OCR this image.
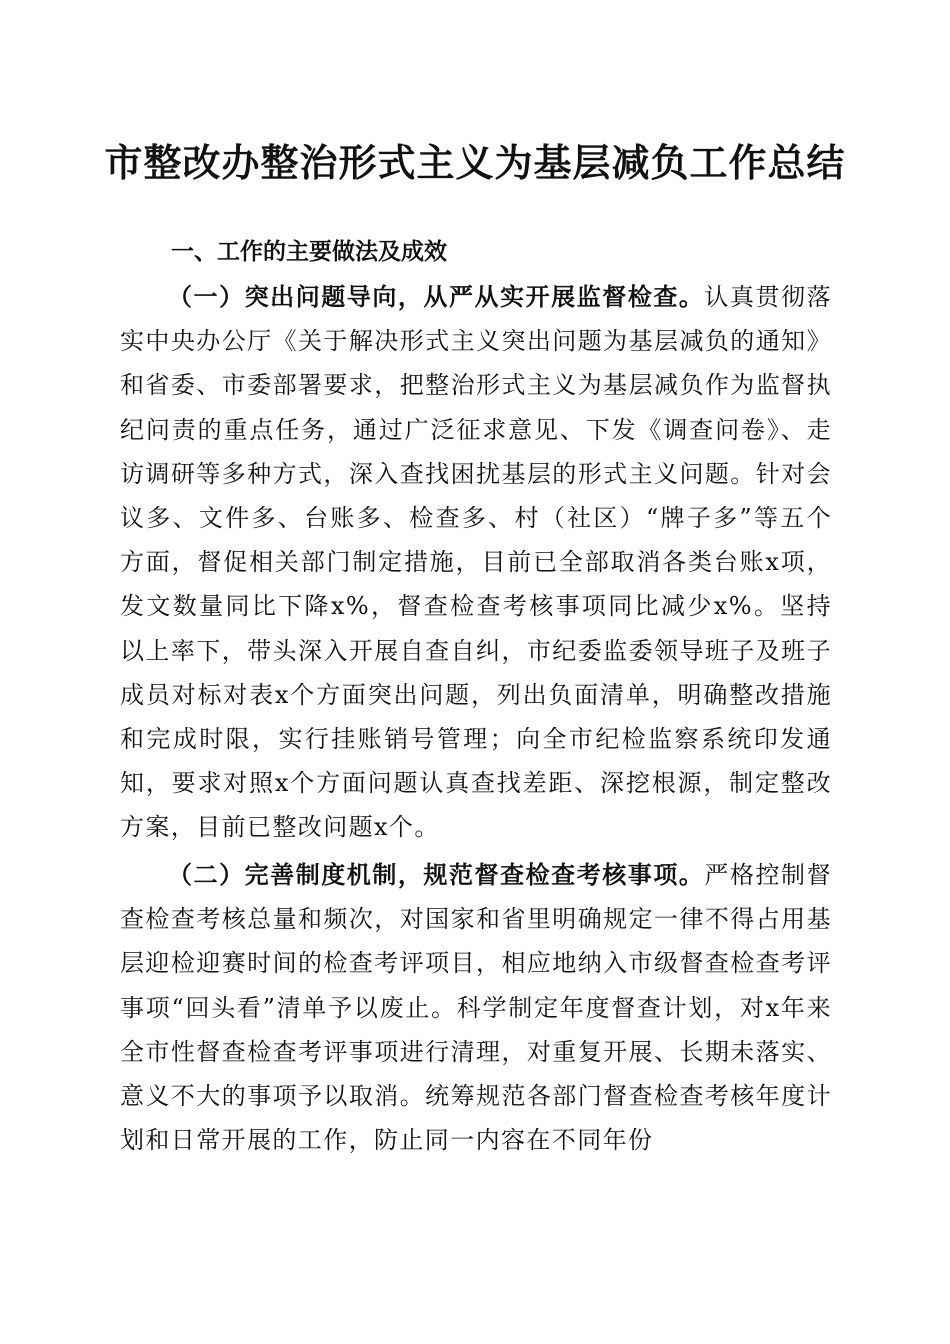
市整改办整治形式主义为基层减负工作总结
一、工作的主要做法及成效

（一）突出问题导向，从严从实开展监督检查。认真贯彻落实中央办公厅《关于解决形式主义突出问题为基层减负的通知》和省委、市委部署要求，把整治形式主义为基层减负作为监督执纪问责的重点任务，通过广泛征求意见、下发《调查问卷》、走访调研等多种方式，深入查找困扰基层的形式主义问题。针对会议多、文件多、台账多、检查多、村（社区）“牌子多”等五个方面，督促相关部门制定措施，目前已全部取消各类台账x项，发文数量同比下降x%，督查检查考核事项同比减少x%。坚持以上率下，带头深入开展自查自纠，市纪委监委领导班子及班子成员对标对表x个方面突出问题，列出负面清单，明确整改措施和完成时限，实行挂账销号管理；向全市纪检监察系统印发通知，要求对照x个方面问题认真查找差距、深挖根源，制定整改方案，目前已整改问题x个。

（二）完善制度机制，规范督查检查考核事项。严格控制督查检查考核总量和频次，对国家和省里明确规定一律不得占用基层迎检迎赛时间的检查考评项目，相应地纳入市级督查检查考评事项“回头看”清单予以废止。科学制定年度督查计划，对x年来全市性督查检查考评事项进行清理，对重复开展、长期未落实、意义不大的事项予以取消。统筹规范各部门督查检查考核年度计划和日常开展的工作，防止同一内容在不同年份
